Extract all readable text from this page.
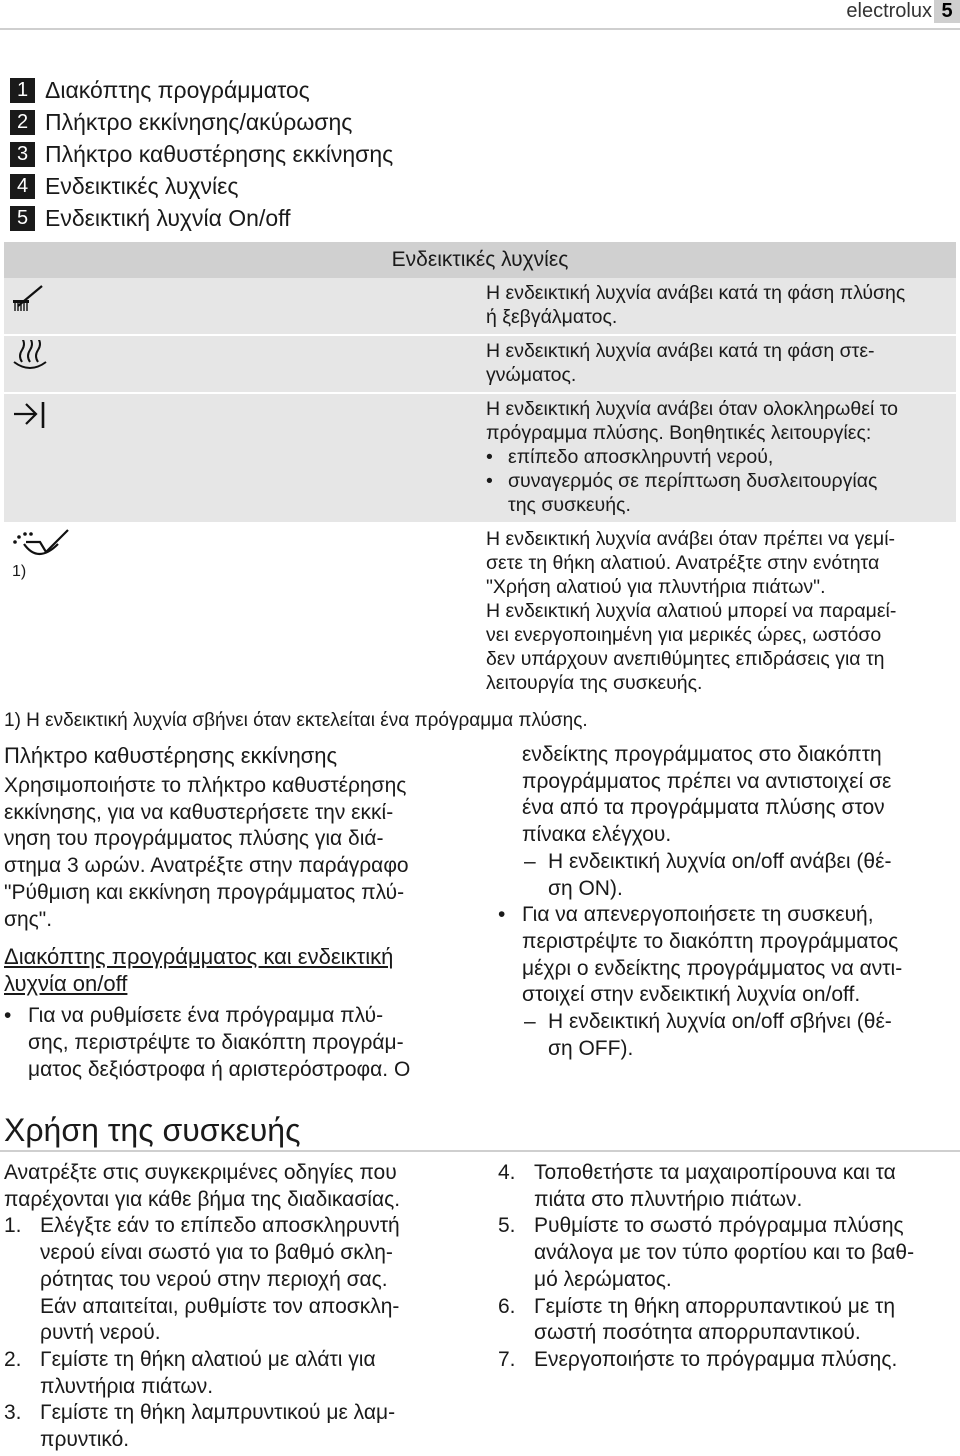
electrolux 5
1 Διακόπτης προγράμματος
2 Πλήκτρο εκκίνησης/ακύρωσης
3 Πλήκτρο καθυστέρησης εκκίνησης
4 Ενδεικτικές λυχνίες
5 Ενδεικτική λυχνία On/off
Ενδεικτικές λυχνίες
Η ενδεικτική λυχνία ανάβει κατά τη φάση πλύσης
ή ξεβγάλματος.
Η ενδεικτική λυχνία ανάβει κατά τη φάση στε-
γνώματος.
Η ενδεικτική λυχνία ανάβει όταν ολοκληρωθεί το
πρόγραμμα πλύσης. Βοηθητικές λειτουργίες:
• επίπεδο αποσκληρυντή νερού,
• συναγερμός σε περίπτωση δυσλειτουργίας
της συσκευής.
1)
Η ενδεικτική λυχνία ανάβει όταν πρέπει να γεμί-
σετε τη θήκη αλατιού. Ανατρέξτε στην ενότητα
"Χρήση αλατιού για πλυντήρια πιάτων".
Η ενδεικτική λυχνία αλατιού μπορεί να παραμεί-
νει ενεργοποιημένη για μερικές ώρες, ωστόσο
δεν υπάρχουν ανεπιθύμητες επιδράσεις για τη
λειτουργία της συσκευής.
1) Η ενδεικτική λυχνία σβήνει όταν εκτελείται ένα πρόγραμμα πλύσης.
Πλήκτρο καθυστέρησης εκκίνησης
Χρησιμοποιήστε το πλήκτρο καθυστέρησης
εκκίνησης, για να καθυστερήσετε την εκκί-
νηση του προγράμματος πλύσης για διά-
στημα 3 ωρών. Ανατρέξτε στην παράγραφο
"Ρύθμιση και εκκίνηση προγράμματος πλύ-
σης".
Διακόπτης προγράμματος και ενδεικτική
λυχνία on/off
• Για να ρυθμίσετε ένα πρόγραμμα πλύ-
σης, περιστρέψτε το διακόπτη προγράμ-
ματος δεξιόστροφα ή αριστερόστροφα. Ο
ενδείκτης προγράμματος στο διακόπτη
προγράμματος πρέπει να αντιστοιχεί σε
ένα από τα προγράμματα πλύσης στον
πίνακα ελέγχου.
– Η ενδεικτική λυχνία on/off ανάβει (θέ-
ση ON).
• Για να απενεργοποιήσετε τη συσκευή,
περιστρέψτε το διακόπτη προγράμματος
μέχρι ο ενδείκτης προγράμματος να αντι-
στοιχεί στην ενδεικτική λυχνία on/off.
– Η ενδεικτική λυχνία on/off σβήνει (θέ-
ση OFF).
Χρήση της συσκευής
Ανατρέξτε στις συγκεκριμένες οδηγίες που
παρέχονται για κάθε βήμα της διαδικασίας.
1. Ελέγξτε εάν το επίπεδο αποσκληρυντή
νερού είναι σωστό για το βαθμό σκλη-
ρότητας του νερού στην περιοχή σας.
Εάν απαιτείται, ρυθμίστε τον αποσκλη-
ρυντή νερού.
2. Γεμίστε τη θήκη αλατιού με αλάτι για
πλυντήρια πιάτων.
3. Γεμίστε τη θήκη λαμπρυντικού με λαμ-
πρυντικό.
4. Τοποθετήστε τα μαχαιροπίρουνα και τα
πιάτα στο πλυντήριο πιάτων.
5. Ρυθμίστε το σωστό πρόγραμμα πλύσης
ανάλογα με τον τύπο φορτίου και το βαθ-
μό λερώματος.
6. Γεμίστε τη θήκη απορρυπαντικού με τη
σωστή ποσότητα απορρυπαντικού.
7. Ενεργοποιήστε το πρόγραμμα πλύσης.
